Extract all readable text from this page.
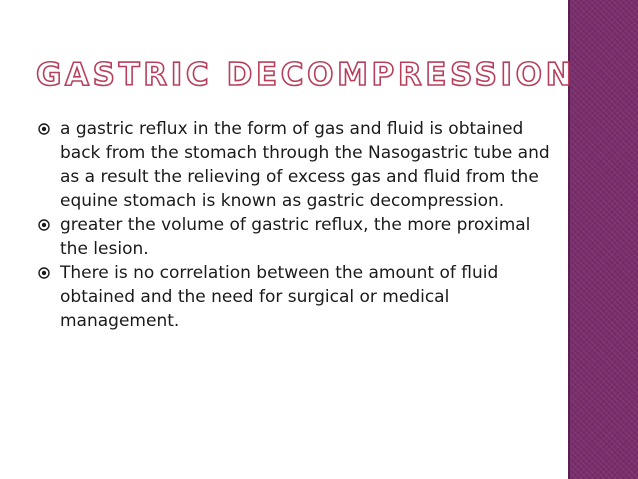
GASTRIC DECOMPRESSION
a gastric reflux in the form of gas and fluid is obtained back from the stomach through the Nasogastric tube and as a result the relieving of excess gas and fluid from the equine stomach is known as gastric decompression.
greater the volume of gastric reflux, the more proximal the lesion.
There is no correlation between the amount of fluid obtained and the need for surgical or medical management.
